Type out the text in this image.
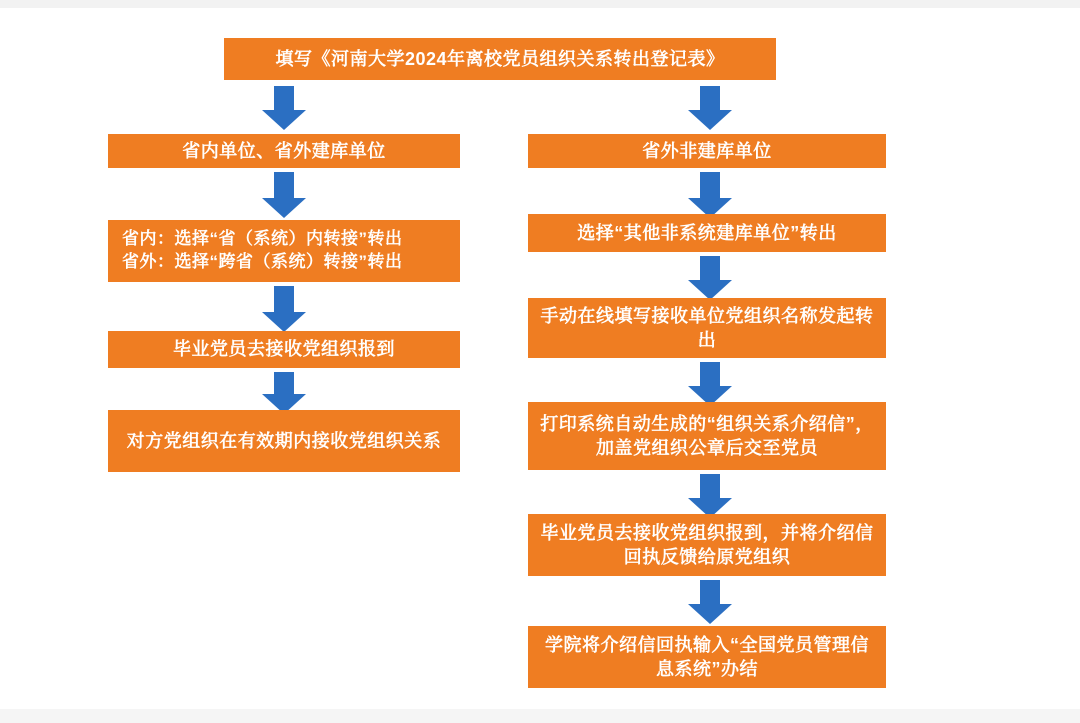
填写《河南大学2024年离校党员组织关系转出登记表》
省内单位、省外建库单位
省内：选择“省（系统）内转接”转出
省外：选择“跨省（系统）转接”转出
毕业党员去接收党组织报到
对方党组织在有效期内接收党组织关系
省外非建库单位
选择“其他非系统建库单位”转出
手动在线填写接收单位党组织名称发起转出
打印系统自动生成的“组织关系介绍信”，加盖党组织公章后交至党员
毕业党员去接收党组织报到，并将介绍信回执反馈给原党组织
学院将介绍信回执输入“全国党员管理信息系统”办结
